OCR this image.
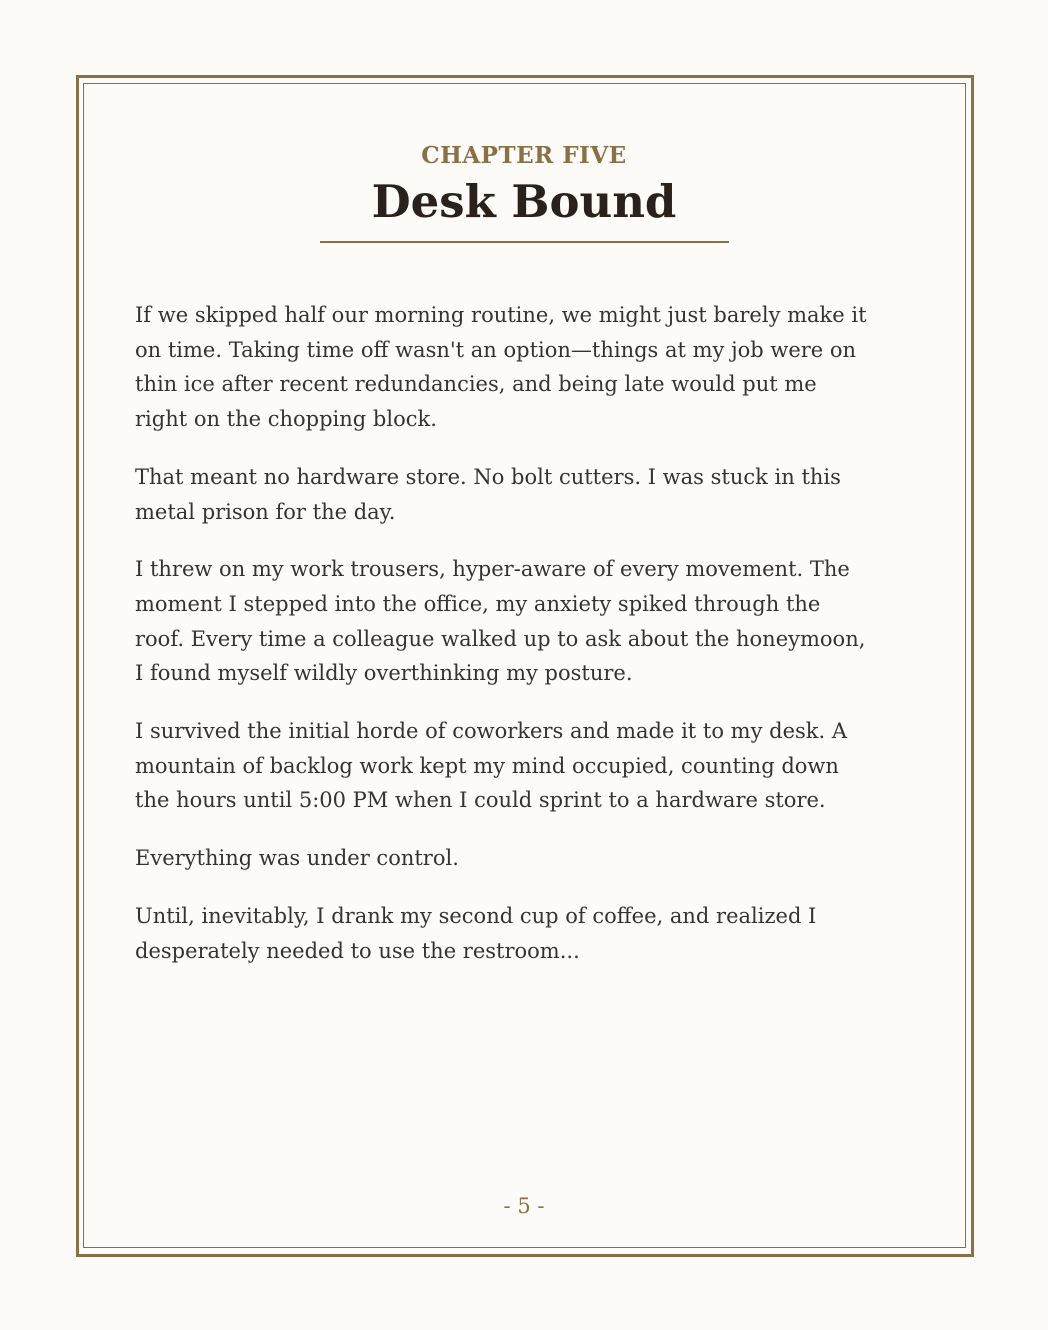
CHAPTER FIVE
Desk Bound

If we skipped half our morning routine, we might just barely make it on time. Taking time off wasn't an option—things at my job were on thin ice after recent redundancies, and being late would put me right on the chopping block.

That meant no hardware store. No bolt cutters. I was stuck in this metal prison for the day.

I threw on my work trousers, hyper-aware of every movement. The moment I stepped into the office, my anxiety spiked through the roof. Every time a colleague walked up to ask about the honeymoon, I found myself wildly overthinking my posture.

I survived the initial horde of coworkers and made it to my desk. A mountain of backlog work kept my mind occupied, counting down the hours until 5:00 PM when I could sprint to a hardware store.

Everything was under control.

Until, inevitably, I drank my second cup of coffee, and realized I desperately needed to use the restroom...

- 5 -
